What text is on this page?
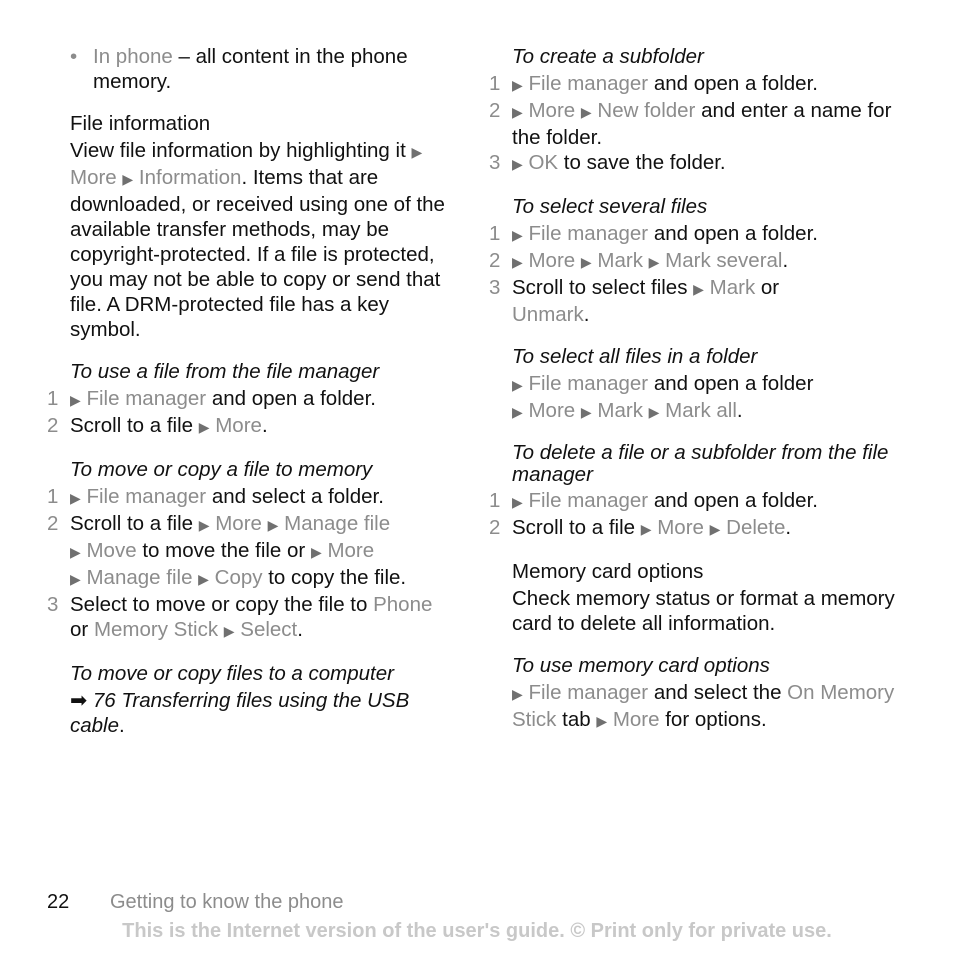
• In phone – all content in the phone memory.

File information

View file information by highlighting it ▶ More ▶ Information. Items that are downloaded, or received using one of the available transfer methods, may be copyright-protected. If a file is protected, you may not be able to copy or send that file. A DRM-protected file has a key symbol.

To use a file from the file manager

1 ▶ File manager and open a folder.
2 Scroll to a file ▶ More.

To move or copy a file to memory

1 ▶ File manager and select a folder.
2 Scroll to a file ▶ More ▶ Manage file
▶ Move to move the file or ▶ More
▶ Manage file ▶ Copy to copy the file.
3 Select to move or copy the file to Phone or Memory Stick ▶ Select.

To move or copy files to a computer

➡ 76 Transferring files using the USB cable.

To create a subfolder

1 ▶ File manager and open a folder.
2 ▶ More ▶ New folder and enter a name for the folder.
3 ▶ OK to save the folder.

To select several files

1 ▶ File manager and open a folder.
2 ▶ More ▶ Mark ▶ Mark several.
3 Scroll to select files ▶ Mark or
Unmark.

To select all files in a folder

▶ File manager and open a folder
▶ More ▶ Mark ▶ Mark all.

To delete a file or a subfolder from the file manager

1 ▶ File manager and open a folder.
2 Scroll to a file ▶ More ▶ Delete.

Memory card options

Check memory status or format a memory card to delete all information.

To use memory card options

▶ File manager and select the On Memory Stick tab ▶ More for options.

22 Getting to know the phone
This is the Internet version of the user's guide. © Print only for private use.
